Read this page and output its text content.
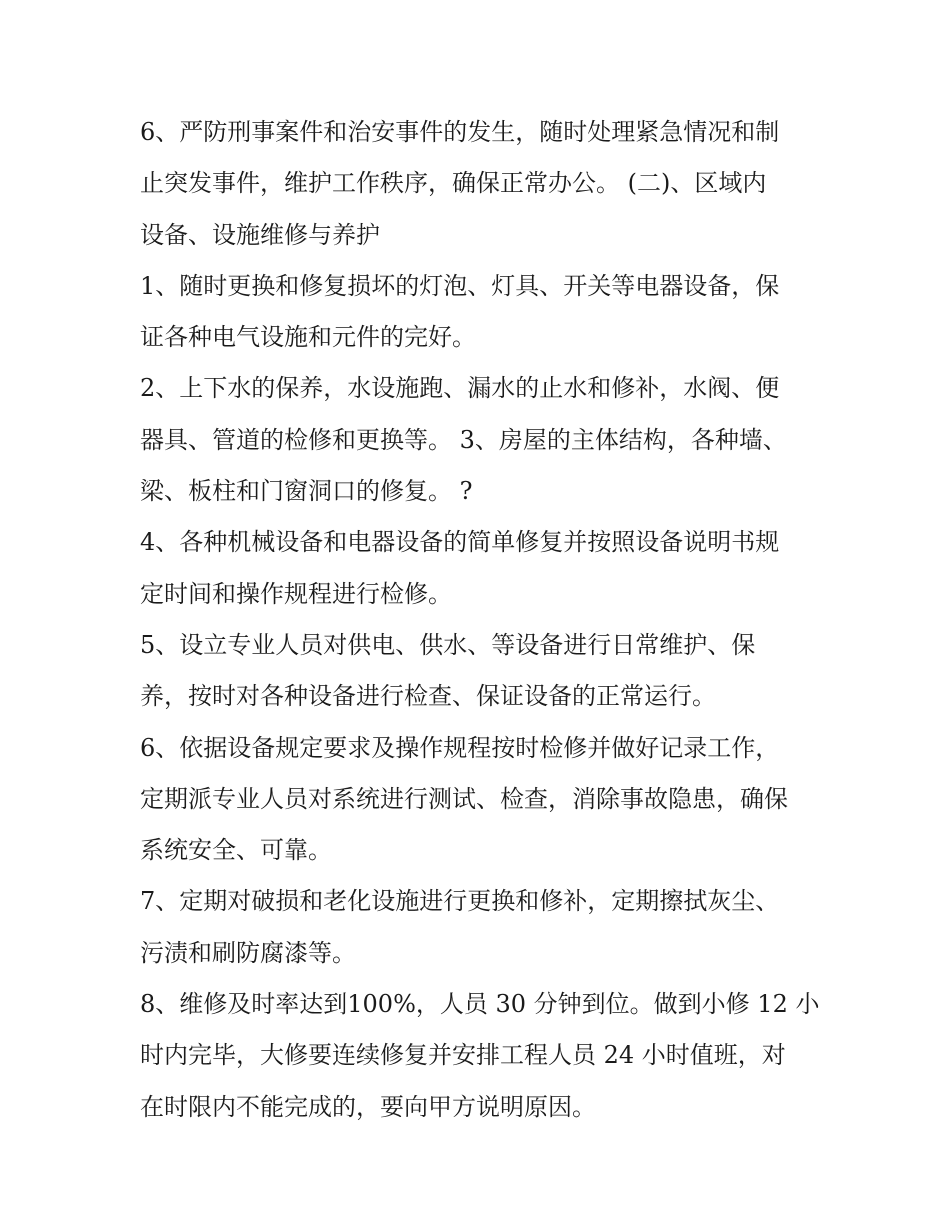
6、严防刑事案件和治安事件的发生，随时处理紧急情况和制
止突发事件，维护工作秩序，确保正常办公。 (二)、区域内
设备、设施维修与养护
1、随时更换和修复损坏的灯泡、灯具、开关等电器设备，保
证各种电气设施和元件的完好。
2、上下水的保养，水设施跑、漏水的止水和修补，水阀、便
器具、管道的检修和更换等。 3、房屋的主体结构，各种墙、
梁、板柱和门窗洞口的修复。 ?
4、各种机械设备和电器设备的简单修复并按照设备说明书规
定时间和操作规程进行检修。
5、设立专业人员对供电、供水、等设备进行日常维护、保
养，按时对各种设备进行检查、保证设备的正常运行。
6、依据设备规定要求及操作规程按时检修并做好记录工作，
定期派专业人员对系统进行测试、检查，消除事故隐患，确保
系统安全、可靠。
7、定期对破损和老化设施进行更换和修补，定期擦拭灰尘、
污渍和刷防腐漆等。
8、维修及时率达到100%，人员 30 分钟到位。做到小修 12 小
时内完毕，大修要连续修复并安排工程人员 24 小时值班，对
在时限内不能完成的，要向甲方说明原因。
